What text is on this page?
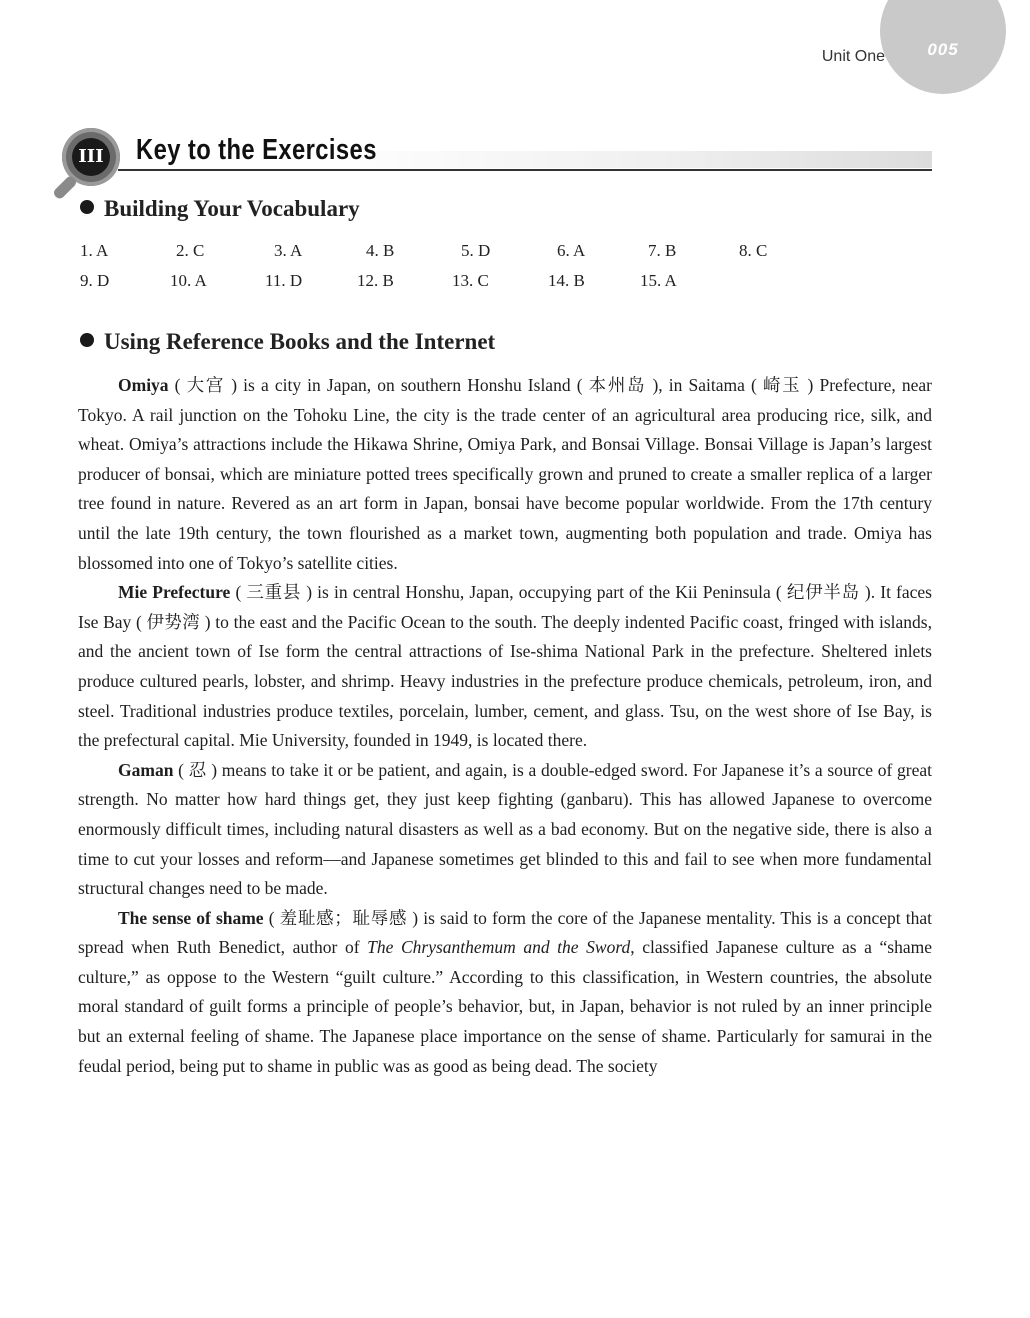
005
Unit One
III Key to the Exercises
Building Your Vocabulary
1. A	2. C	3. A	4. B	5. D	6. A	7. B	8. C
9. D	10. A	11. D	12. B	13. C	14. B	15. A
Using Reference Books and the Internet

Omiya ( 大宫 ) is a city in Japan, on southern Honshu Island ( 本州岛 ), in Saitama ( 崎玉 ) Prefecture, near Tokyo. A rail junction on the Tohoku Line, the city is the trade center of an agricultural area producing rice, silk, and wheat. Omiya’s attractions include the Hikawa Shrine, Omiya Park, and Bonsai Village. Bonsai Village is Japan’s largest producer of bonsai, which are miniature potted trees specifically grown and pruned to create a smaller replica of a larger tree found in nature. Revered as an art form in Japan, bonsai have become popular worldwide. From the 17th century until the late 19th century, the town flourished as a market town, augmenting both population and trade. Omiya has blossomed into one of Tokyo’s satellite cities.

Mie Prefecture ( 三重县 ) is in central Honshu, Japan, occupying part of the Kii Peninsula ( 纪伊半岛 ). It faces Ise Bay ( 伊势湾 ) to the east and the Pacific Ocean to the south. The deeply indented Pacific coast, fringed with islands, and the ancient town of Ise form the central attractions of Ise-shima National Park in the prefecture. Sheltered inlets produce cultured pearls, lobster, and shrimp. Heavy industries in the prefecture produce chemicals, petroleum, iron, and steel. Traditional industries produce textiles, porcelain, lumber, cement, and glass. Tsu, on the west shore of Ise Bay, is the prefectural capital. Mie University, founded in 1949, is located there.

Gaman ( 忍 ) means to take it or be patient, and again, is a double-edged sword. For Japanese it’s a source of great strength. No matter how hard things get, they just keep fighting (ganbaru). This has allowed Japanese to overcome enormously difficult times, including natural disasters as well as a bad economy. But on the negative side, there is also a time to cut your losses and reform—and Japanese sometimes get blinded to this and fail to see when more fundamental structural changes need to be made.

The sense of shame ( 羞耻感；耻辱感 ) is said to form the core of the Japanese mentality. This is a concept that spread when Ruth Benedict, author of The Chrysanthemum and the Sword, classified Japanese culture as a “shame culture,” as oppose to the Western “guilt culture.” According to this classification, in Western countries, the absolute moral standard of guilt forms a principle of people’s behavior, but, in Japan, behavior is not ruled by an inner principle but an external feeling of shame. The Japanese place importance on the sense of shame. Particularly for samurai in the feudal period, being put to shame in public was as good as being dead. The society
